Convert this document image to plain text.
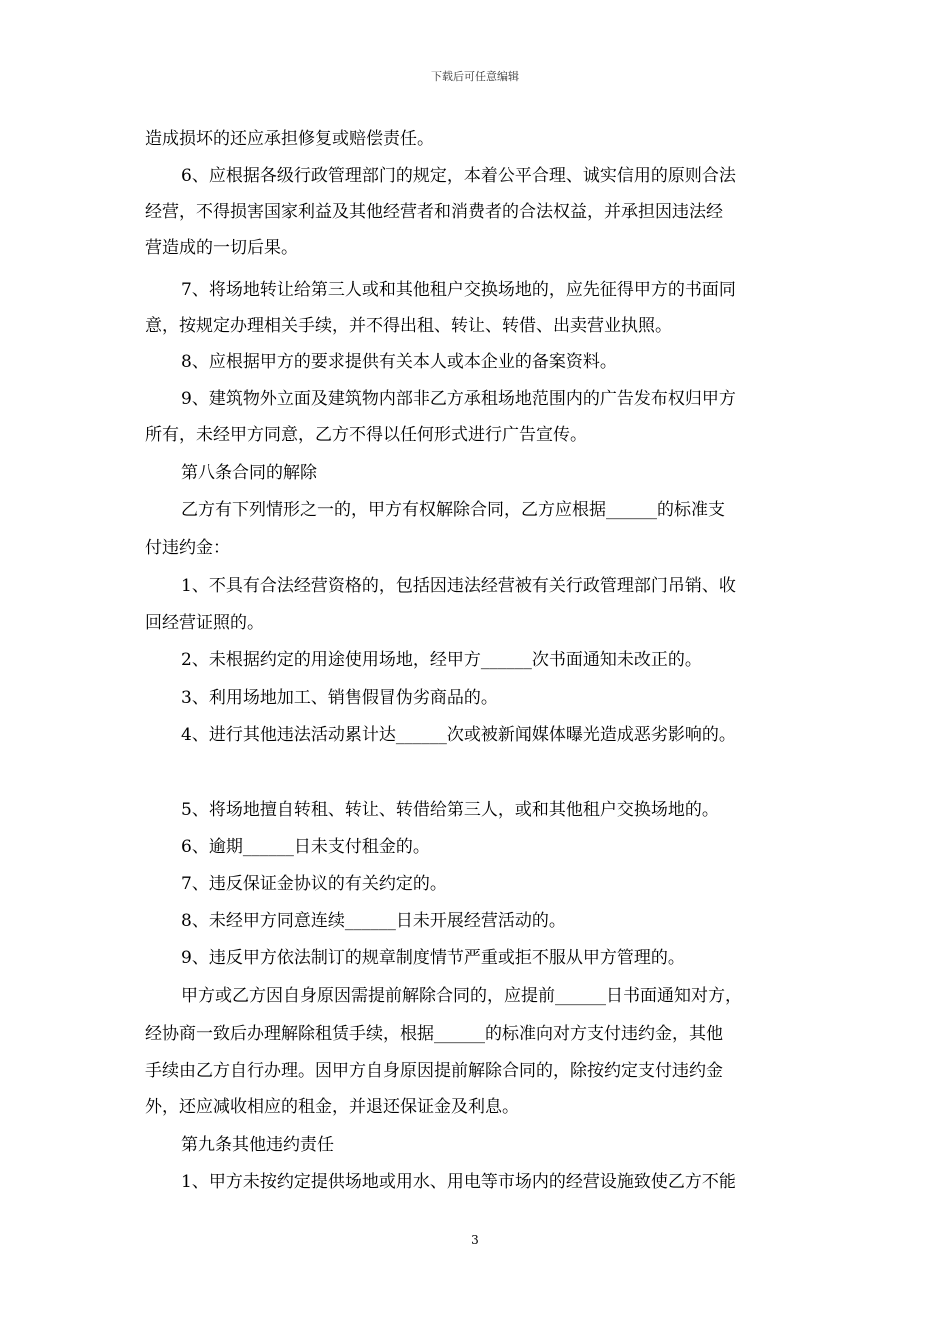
下载后可任意编辑
造成损坏的还应承担修复或赔偿责任。
6、应根据各级行政管理部门的规定，本着公平合理、诚实信用的原则合法
经营，不得损害国家利益及其他经营者和消费者的合法权益，并承担因违法经
营造成的一切后果。
7、将场地转让给第三人或和其他租户交换场地的，应先征得甲方的书面同
意，按规定办理相关手续，并不得出租、转让、转借、出卖营业执照。
8、应根据甲方的要求提供有关本人或本企业的备案资料。
9、建筑物外立面及建筑物内部非乙方承租场地范围内的广告发布权归甲方
所有，未经甲方同意，乙方不得以任何形式进行广告宣传。
第八条合同的解除
乙方有下列情形之一的，甲方有权解除合同，乙方应根据______的标准支
付违约金：
1、不具有合法经营资格的，包括因违法经营被有关行政管理部门吊销、收
回经营证照的。
2、未根据约定的用途使用场地，经甲方______次书面通知未改正的。
3、利用场地加工、销售假冒伪劣商品的。
4、进行其他违法活动累计达______次或被新闻媒体曝光造成恶劣影响的。
5、将场地擅自转租、转让、转借给第三人，或和其他租户交换场地的。
6、逾期______日未支付租金的。
7、违反保证金协议的有关约定的。
8、未经甲方同意连续______日未开展经营活动的。
9、违反甲方依法制订的规章制度情节严重或拒不服从甲方管理的。
甲方或乙方因自身原因需提前解除合同的，应提前______日书面通知对方，
经协商一致后办理解除租赁手续，根据______的标准向对方支付违约金，其他
手续由乙方自行办理。因甲方自身原因提前解除合同的，除按约定支付违约金
外，还应减收相应的租金，并退还保证金及利息。
第九条其他违约责任
1、甲方未按约定提供场地或用水、用电等市场内的经营设施致使乙方不能
3
